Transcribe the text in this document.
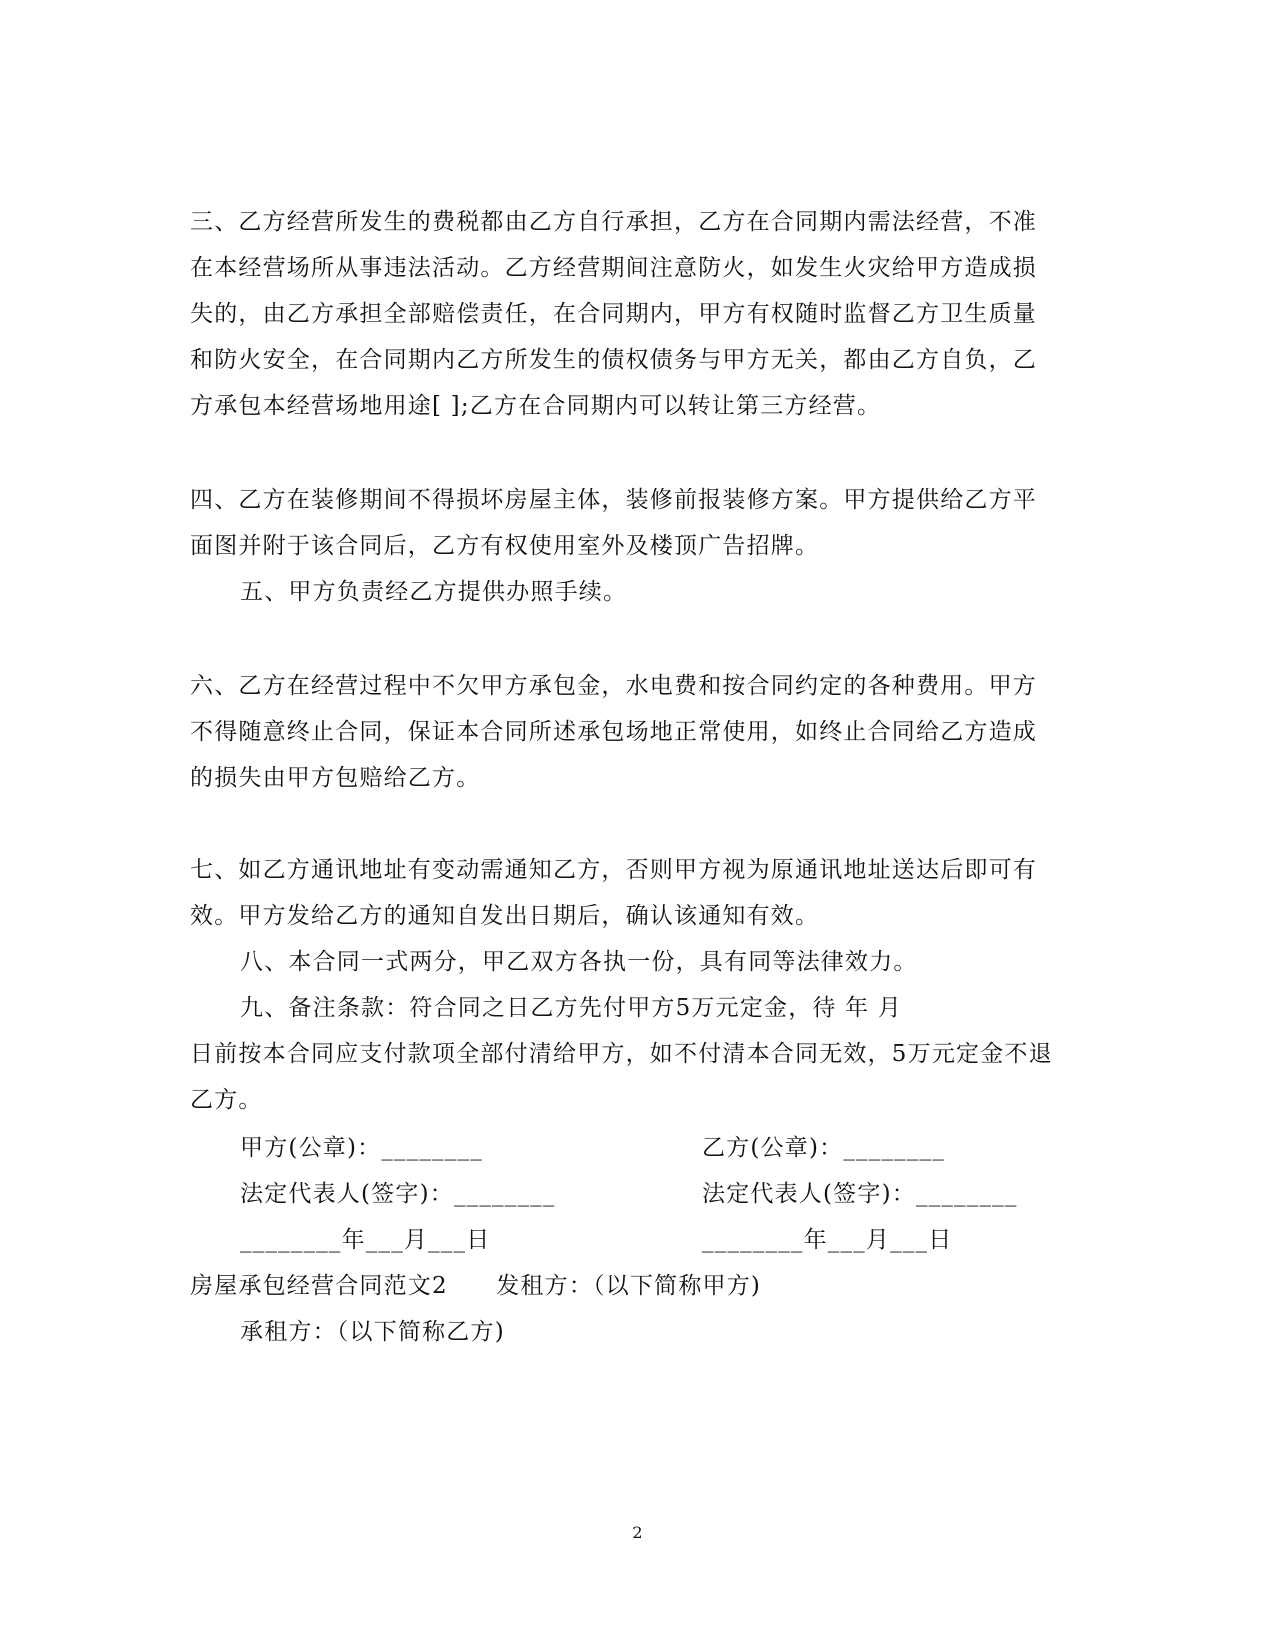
三、乙方经营所发生的费税都由乙方自行承担，乙方在合同期内需法经营，不准
在本经营场所从事违法活动。乙方经营期间注意防火，如发生火灾给甲方造成损
失的，由乙方承担全部赔偿责任，在合同期内，甲方有权随时监督乙方卫生质量
和防火安全，在合同期内乙方所发生的债权债务与甲方无关，都由乙方自负，乙
方承包本经营场地用途[ ];乙方在合同期内可以转让第三方经营。
四、乙方在装修期间不得损坏房屋主体，装修前报装修方案。甲方提供给乙方平
面图并附于该合同后，乙方有权使用室外及楼顶广告招牌。
五、甲方负责经乙方提供办照手续。
六、乙方在经营过程中不欠甲方承包金，水电费和按合同约定的各种费用。甲方
不得随意终止合同，保证本合同所述承包场地正常使用，如终止合同给乙方造成
的损失由甲方包赔给乙方。
七、如乙方通讯地址有变动需通知乙方，否则甲方视为原通讯地址送达后即可有
效。甲方发给乙方的通知自发出日期后，确认该通知有效。
八、本合同一式两分，甲乙双方各执一份，具有同等法律效力。
九、备注条款：符合同之日乙方先付甲方5万元定金，待 年 月
日前按本合同应支付款项全部付清给甲方，如不付清本合同无效，5万元定金不退
乙方。
甲方(公章)：________	乙方(公章)：________
法定代表人(签字)：________	法定代表人(签字)：________
________年___月___日	________年___月___日
房屋承包经营合同范文2　　发租方：（以下简称甲方)
承租方：（以下简称乙方)
2
